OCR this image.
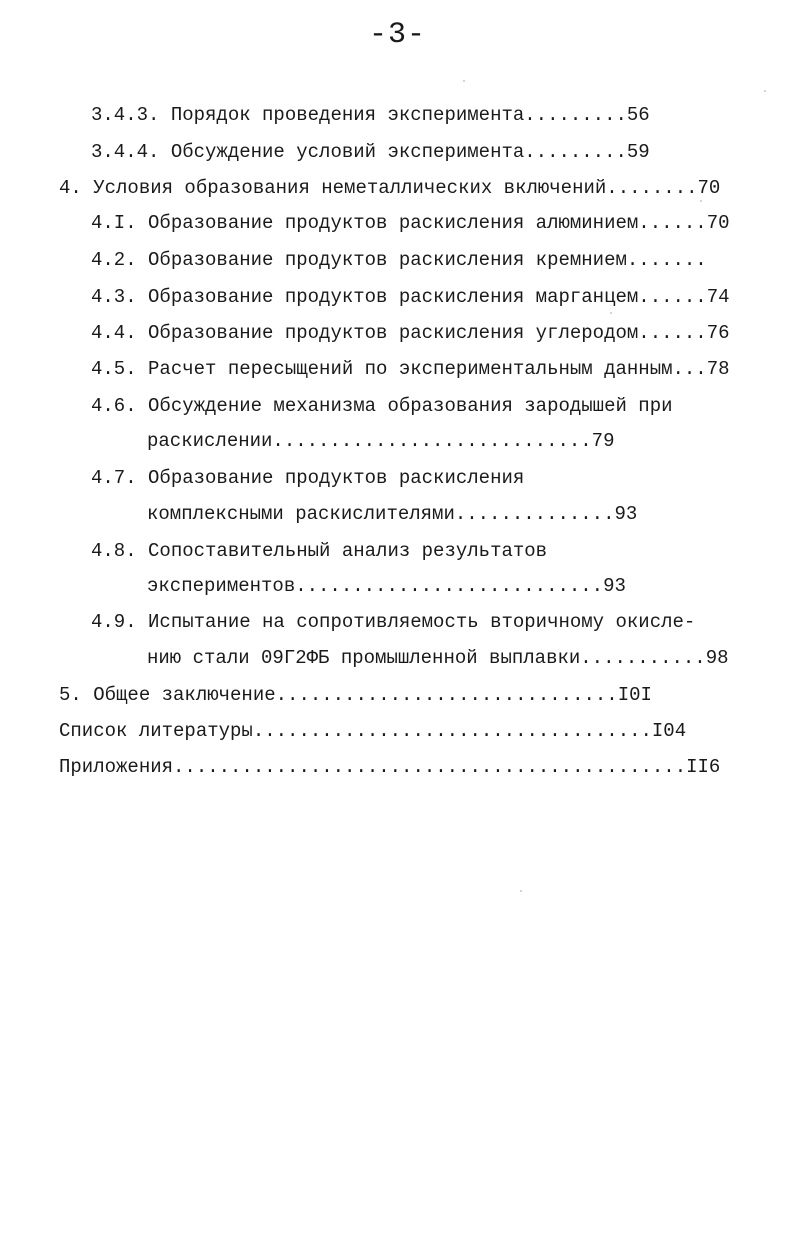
-3-
3.4.3. Порядок проведения эксперимента.........56
3.4.4. Обсуждение условий эксперимента.........59
4. Условия образования неметаллических включений........70
4.I. Образование продуктов раскисления алюминием......70
4.2. Образование продуктов раскисления кремнием.......
4.3. Образование продуктов раскисления марганцем......74
4.4. Образование продуктов раскисления углеродом......76
4.5. Расчет пересыщений по экспериментальным данным...78
4.6. Обсуждение механизма образования зародышей при
раскислении............................79
4.7. Образование продуктов раскисления
комплексными раскислителями..............93
4.8. Сопоставительный анализ результатов
экспериментов...........................93
4.9. Испытание на сопротивляемость вторичному окисле-
нию стали 09Г2ФБ промышленной выплавки...........98
5. Общее заключение..............................I0I
Список литературы...................................I04
Приложения.............................................II6
